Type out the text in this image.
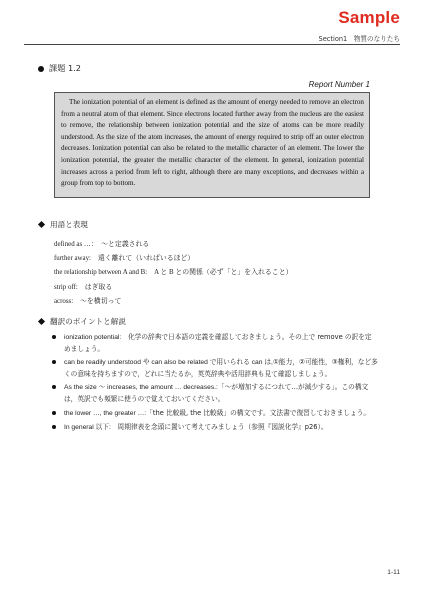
Sample
Section1　物質のなりたち
課題 1.2
Report Number 1
The ionization potential of an element is defined as the amount of energy needed to remove an electron from a neutral atom of that element. Since electrons located further away from the nucleus are the easiest to remove, the relationship between ionization potential and the size of atoms can be more readily understood. As the size of the atom increases, the amount of energy required to strip off an outer electron decreases. Ionization potential can also be related to the metallic character of an element. The lower the ionization potential, the greater the metallic character of the element. In general, ionization potential increases across a period from left to right, although there are many exceptions, and decreases within a group from top to bottom.
用語と表現
defined as …：　～と定義される
further away:　遠く離れて（いればいるほど）
the relationship between A and B:　A と B との関係（必ず「と」を入れること）
strip off:　はぎ取る
across:　～を横切って
翻訳のポイントと解説
ionization potential:　化学の辞典で日本語の定義を確認しておきましょう。その上で remove の訳を定めましょう。
can be readily understood や can also be related で用いられる can は,①能力，②可能性，③権利，など多くの意味を持ちますので，どれに当たるか，英英辞典や活用辞典も見て確認しましょう。
As the size ～ increases, the amount … decreases.:「～が増加するにつれて…が減少する」。この構文は，英訳でも頻繁に使うので覚えておいてください。
the lower …, the greater …:「the 比較級, the 比較級」の構文です。文法書で復習しておきましょう。
In general 以下:　周期律表を念頭に置いて考えてみましょう（参照『図説化学』p26）。
1-11
